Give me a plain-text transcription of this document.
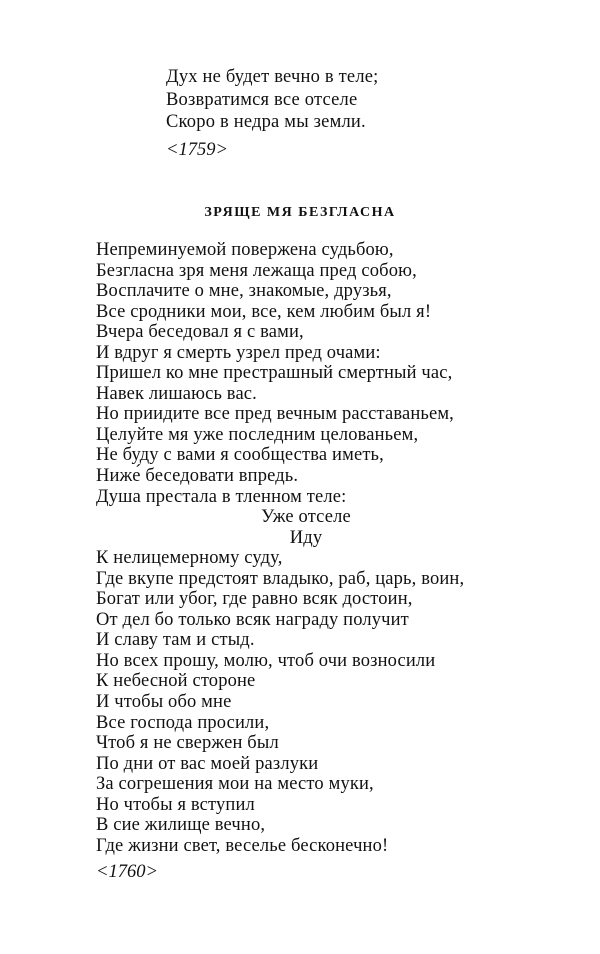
Дух не будет вечно в теле;
Возвратимся все отселе
Скоро в недра мы земли.
<1759>
ЗРЯЩЕ МЯ БЕЗГЛАСНА
Непреминуемой повержена судьбою,
Безгласна зря меня лежаща пред собою,
Восплачите о мне, знакомые, друзья,
Все сродники мои, все, кем любим был я!
Вчера беседовал я с вами,
И вдруг я смерть узрел пред очами:
Пришел ко мне престрашный смертный час,
Навек лишаюсь вас.
Но приидите все пред вечным расставаньем,
Целуйте мя уже последним целованьем,
Не буду с вами я сообщества иметь,
Ниже́ беседовати впредь.
Душа престала в тленном теле:
Уже отселе
Иду
К нелицемерному суду,
Где вкупе предстоят владыко, раб, царь, воин,
Богат или убог, где равно всяк достоин,
От дел бо только всяк награду получит
И славу там и стыд.
Но всех прошу, молю, чтоб очи возносили
К небесной стороне
И чтобы обо мне
Все господа просили,
Чтоб я не свержен был
По дни от вас моей разлуки
За согрешения мои на место муки,
Но чтобы я вступил
В сие жилище вечно,
Где жизни свет, веселье бесконечно!
<1760>
